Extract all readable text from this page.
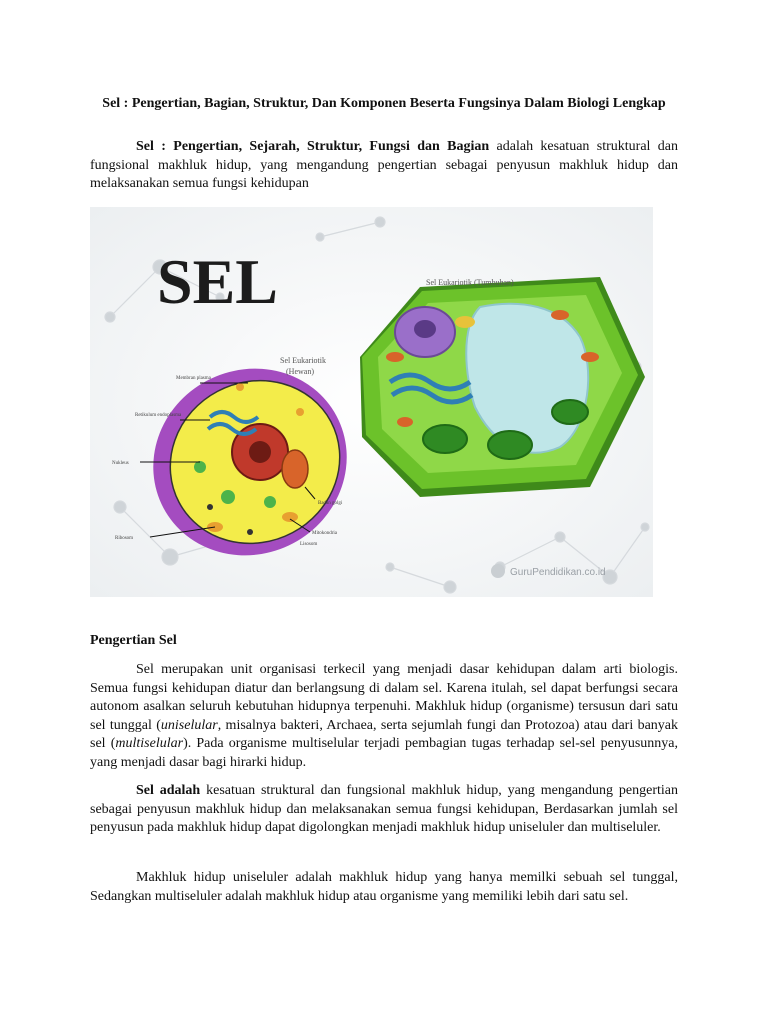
Sel : Pengertian, Bagian, Struktur, Dan Komponen Beserta Fungsinya Dalam Biologi Lengkap

Sel : Pengertian, Sejarah, Struktur, Fungsi dan Bagian adalah kesatuan struktural dan fungsional makhluk hidup, yang mengandung pengertian sebagai penyusun makhluk hidup dan melaksanakan semua fungsi kehidupan

SEL	Sel Eukariotik (Tumbuhan)
Sel Eukariotik
(Hewan)
Membran plasma
Retikulum endoplasma
Nukleus
Badan golgi
Mitokondria
Lisosom
Ribosom
GuruPendidikan.co.id
Pengertian Sel

Sel merupakan unit organisasi terkecil yang menjadi dasar kehidupan dalam arti biologis. Semua fungsi kehidupan diatur dan berlangsung di dalam sel. Karena itulah, sel dapat berfungsi secara autonom asalkan seluruh kebutuhan hidupnya terpenuhi. Makhluk hidup (organisme) tersusun dari satu sel tunggal (uniselular, misalnya bakteri, Archaea, serta sejumlah fungi dan Protozoa) atau dari banyak sel (multiselular). Pada organisme multiselular terjadi pembagian tugas terhadap sel-sel penyusunnya, yang menjadi dasar bagi hirarki hidup.

Sel adalah kesatuan struktural dan fungsional makhluk hidup, yang mengandung pengertian sebagai penyusun makhluk hidup dan melaksanakan semua fungsi kehidupan, Berdasarkan jumlah sel penyusun pada makhluk hidup dapat digolongkan menjadi makhluk hidup uniseluler dan multiseluler.

Makhluk hidup uniseluler adalah makhluk hidup yang hanya memilki sebuah sel tunggal, Sedangkan multiseluler adalah makhluk hidup atau organisme yang memiliki lebih dari satu sel.
